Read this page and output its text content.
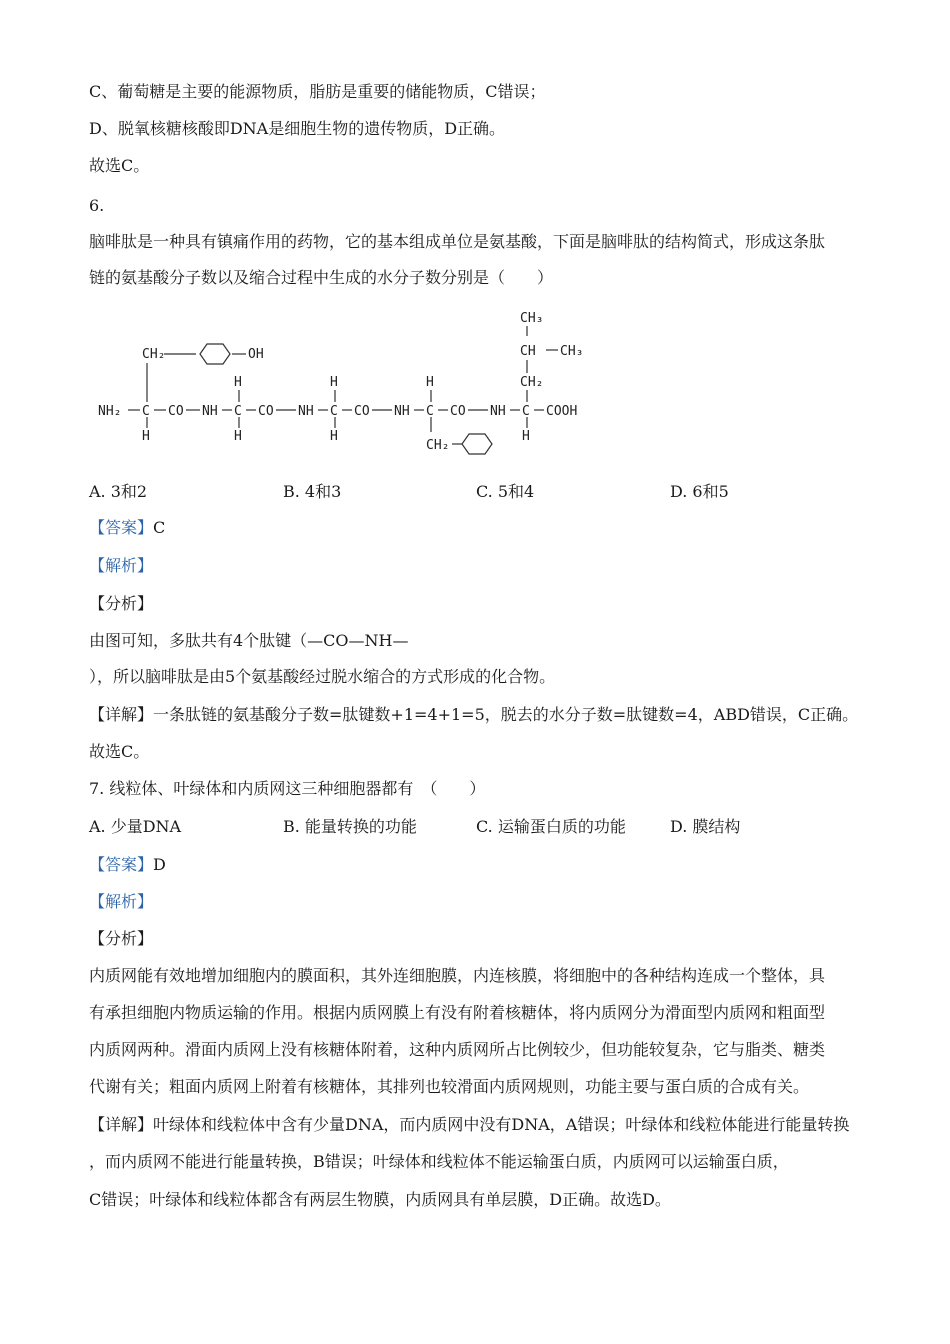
C、葡萄糖是主要的能源物质，脂肪是重要的储能物质，C错误；
D、脱氧核糖核酸即DNA是细胞生物的遗传物质，D正确。
故选C。
6.
脑啡肽是一种具有镇痛作用的药物，它的基本组成单位是氨基酸，下面是脑啡肽的结构简式，形成这条肽
链的氨基酸分子数以及缩合过程中生成的水分子数分别是（　　）
NH₂ C CO NH C CO NH C CO NH C CO NH C COOH
H
H
H
H
H
H
H
CH₂	OH
CH₂
CH₂
CH CH₃
CH₃
A. 3和2	B. 4和3	C. 5和4	D. 6和5
【答案】C
【解析】
【分析】
由图可知，多肽共有4个肽键（—CO—NH—
），所以脑啡肽是由5个氨基酸经过脱水缩合的方式形成的化合物。
【详解】一条肽链的氨基酸分子数=肽键数+1=4+1=5，脱去的水分子数=肽键数=4，ABD错误，C正确。
故选C。
7. 线粒体、叶绿体和内质网这三种细胞器都有　（　　）
A. 少量DNA	B. 能量转换的功能	C. 运输蛋白质的功能	D. 膜结构
【答案】D
【解析】
【分析】
内质网能有效地增加细胞内的膜面积，其外连细胞膜，内连核膜，将细胞中的各种结构连成一个整体，具
有承担细胞内物质运输的作用。根据内质网膜上有没有附着核糖体，将内质网分为滑面型内质网和粗面型
内质网两种。滑面内质网上没有核糖体附着，这种内质网所占比例较少，但功能较复杂，它与脂类、糖类
代谢有关；粗面内质网上附着有核糖体，其排列也较滑面内质网规则，功能主要与蛋白质的合成有关。
【详解】叶绿体和线粒体中含有少量DNA，而内质网中没有DNA，A错误；叶绿体和线粒体能进行能量转换
，而内质网不能进行能量转换，B错误；叶绿体和线粒体不能运输蛋白质，内质网可以运输蛋白质，
C错误；叶绿体和线粒体都含有两层生物膜，内质网具有单层膜，D正确。故选D。
